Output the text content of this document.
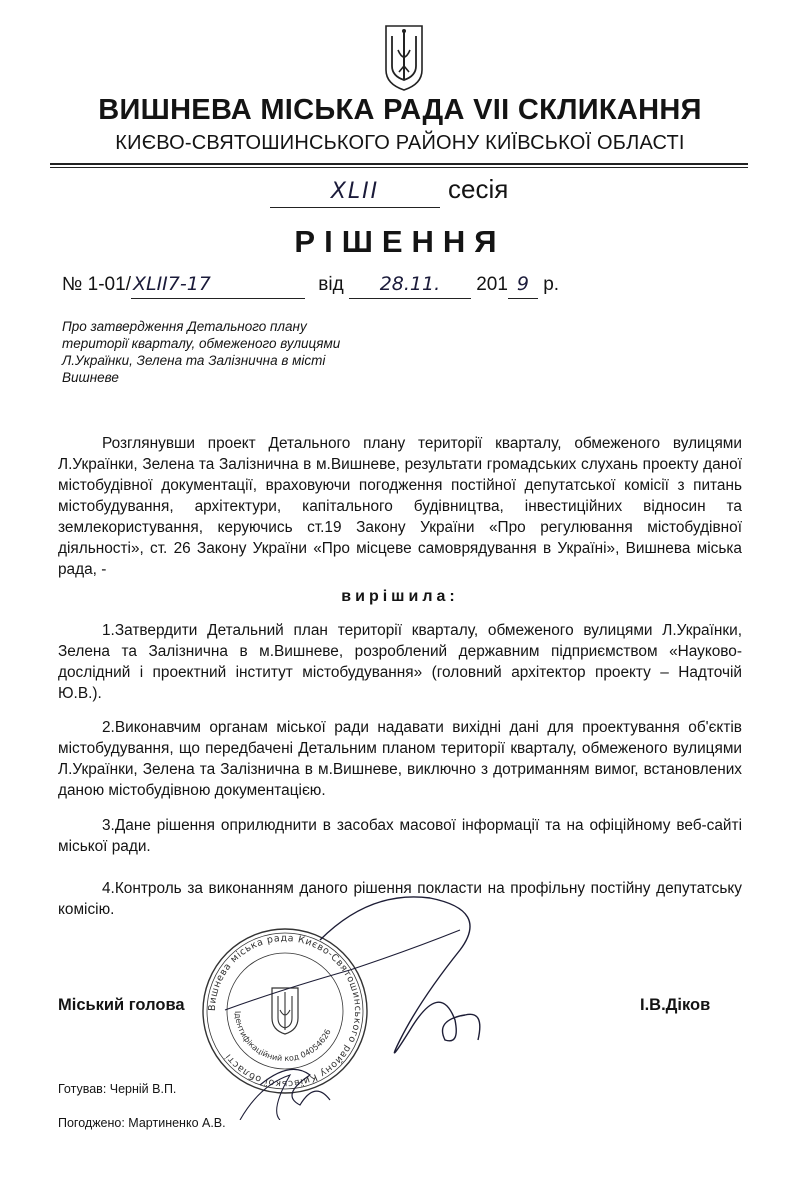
ВИШНЕВА МІСЬКА РАДА VII СКЛИКАННЯ
КИЄВО-СВЯТОШИНСЬКОГО РАЙОНУ КИЇВСЬКОЇ ОБЛАСТІ
XLII	сесія
РІШЕННЯ
№ 1-01/ XLII7-17	від 28.11. 201 9 р.
Про затвердження Детального плану території кварталу, обмеженого вулицями Л.Українки, Зелена та Залізнична в місті Вишневе
Розглянувши проект Детального плану території кварталу, обмеженого вулицями Л.Українки, Зелена та Залізнична в м.Вишневе, результати громадських слухань проекту даної містобудівної документації, враховуючи погодження постійної депутатської комісії з питань містобудування, архітектури, капітального будівництва, інвестиційних відносин та землекористування, керуючись ст.19 Закону України «Про регулювання містобудівної діяльності», ст. 26 Закону України «Про місцеве самоврядування в Україні», Вишнева міська рада, -
вирішила:
1.Затвердити Детальний план території кварталу, обмеженого вулицями Л.Українки, Зелена та Залізнична в м.Вишневе, розроблений державним підприємством «Науково-дослідний і проектний інститут містобудування» (головний архітектор проекту – Надточій Ю.В.).
2.Виконавчим органам міської ради надавати вихідні дані для проектування об'єктів містобудування, що передбачені Детальним планом території кварталу, обмеженого вулицями Л.Українки, Зелена та Залізнична в м.Вишневе, виключно з дотриманням вимог, встановлених даною містобудівною документацією.
3.Дане рішення оприлюднити в засобах масової інформації та на офіційному веб-сайті міської ради.
4.Контроль за виконанням даного рішення покласти на профільну постійну депутатську комісію.
Вишнева міська рада Києво-Святошинського району Київської області
Ідентифікаційний код 04054626
Міський голова	І.В.Діков
Готував: Черній В.П.
Погоджено: Мартиненко А.В.
